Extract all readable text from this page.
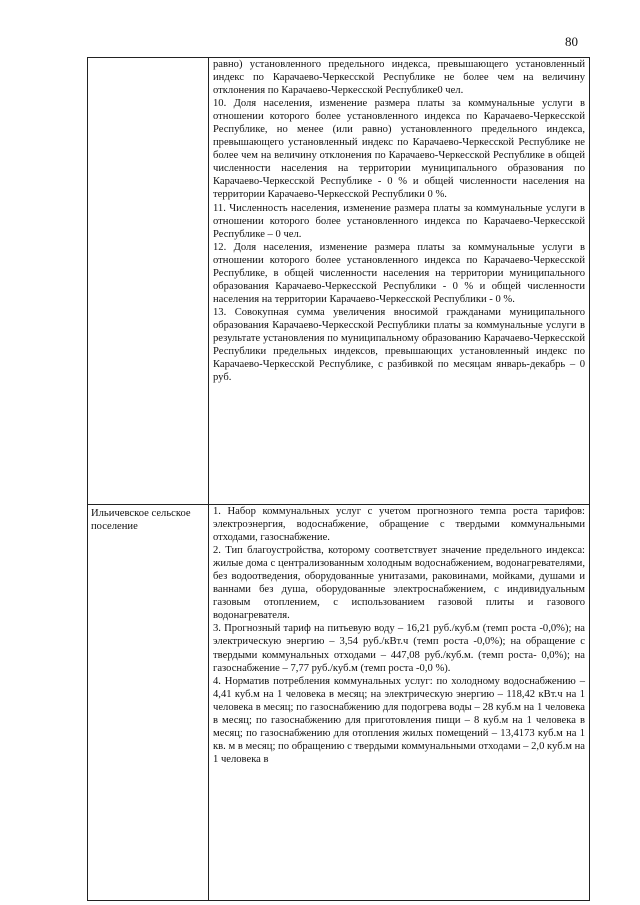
80

	равно) установленного предельного индекса, превышающего установленный индекс по Карачаево-Черкесской Республике не более чем на величину отклонения по Карачаево-Черкесской Республике0 чел.

10. Доля населения, изменение размера платы за коммунальные услуги в отношении которого более установленного индекса по Карачаево-Черкесской Республике, но менее (или равно) установленного предельного индекса, превышающего установленный индекс по Карачаево-Черкесской Республике не более чем на величину отклонения по Карачаево-Черкесской Республике в общей численности населения на территории муниципального образования по Карачаево-Черкесской Республике - 0 % и общей численности населения на территории Карачаево-Черкесской Республики 0 %.

11. Численность населения, изменение размера платы за коммунальные услуги в отношении которого более установленного индекса по Карачаево-Черкесской Республике – 0 чел.

12. Доля населения, изменение размера платы за коммунальные услуги в отношении которого более установленного индекса по Карачаево-Черкесской Республике, в общей численности населения на территории муниципального образования Карачаево-Черкесской Республики - 0 % и общей численности населения на территории Карачаево-Черкесской Республики - 0 %.

13. Совокупная сумма увеличения вносимой гражданами муниципального образования Карачаево-Черкесской Республики платы за коммунальные услуги в результате установления по муниципальному образованию Карачаево-Черкесской Республики предельных индексов, превышающих установленный индекс по Карачаево-Черкесской Республике, с разбивкой по месяцам январь-декабрь – 0 руб.

Ильичевское сельское поселение	1. Набор коммунальных услуг с учетом прогнозного темпа роста тарифов: электроэнергия, водоснабжение, обращение с твердыми коммунальными отходами, газоснабжение.

2. Тип благоустройства, которому соответствует значение предельного индекса: жилые дома с централизованным холодным водоснабжением, водонагревателями, без водоотведения, оборудованные унитазами, раковинами, мойками, душами и ваннами без душа, оборудованные электроснабжением, с индивидуальным газовым отоплением, с использованием газовой плиты и газового водонагревателя.

3. Прогнозный тариф на питьевую воду – 16,21 руб./куб.м (темп роста -0,0%); на электрическую энергию – 3,54 руб./кВт.ч (темп роста -0,0%); на обращение с твердыми коммунальных отходами – 447,08 руб./куб.м. (темп роста- 0,0%); на газоснабжение – 7,77 руб./куб.м (темп роста -0,0 %).

4. Норматив потребления коммунальных услуг: по холодному водоснабжению – 4,41 куб.м на 1 человека в месяц; на электрическую энергию – 118,42 кВт.ч на 1 человека в месяц; по газоснабжению для подогрева воды – 28 куб.м на 1 человека в месяц; по газоснабжению для приготовления пищи – 8 куб.м на 1 человека в месяц; по газоснабжению для отопления жилых помещений – 13,4173 куб.м на 1 кв. м в месяц; по обращению с твердыми коммунальными отходами – 2,0 куб.м на 1 человека в
